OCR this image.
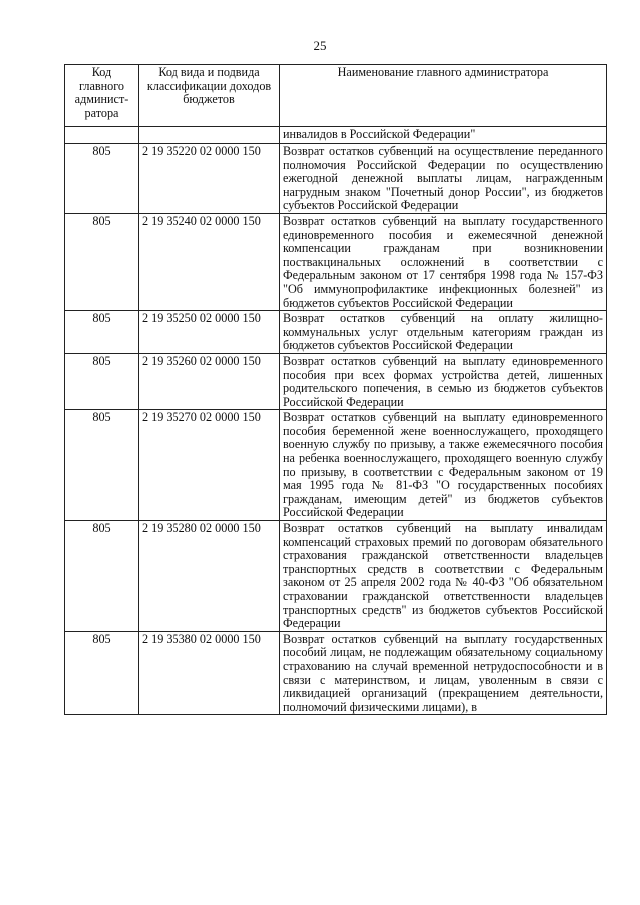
25
Код главного админист-ратора	Код вида и подвида классификации доходов бюджетов	Наименование главного администратора
		инвалидов в Российской Федерации"
805	2 19 35220 02 0000 150	Возврат остатков субвенций на осуществление переданного полномочия Российской Федерации по осуществлению ежегодной денежной выплаты лицам, награжденным нагрудным знаком "Почетный донор России", из бюджетов субъектов Российской Федерации
805	2 19 35240 02 0000 150	Возврат остатков субвенций на выплату государственного единовременного пособия и ежемесячной денежной компенсации гражданам при возникновении поствакцинальных осложнений в соответствии с Федеральным законом от 17 сентября 1998 года № 157-ФЗ "Об иммунопрофилактике инфекционных болезней" из бюджетов субъектов Российской Федерации
805	2 19 35250 02 0000 150	Возврат остатков субвенций на оплату жилищно-коммунальных услуг отдельным категориям граждан из бюджетов субъектов Российской Федерации
805	2 19 35260 02 0000 150	Возврат остатков субвенций на выплату единовременного пособия при всех формах устройства детей, лишенных родительского попечения, в семью из бюджетов субъектов Российской Федерации
805	2 19 35270 02 0000 150	Возврат остатков субвенций на выплату единовременного пособия беременной жене военнослужащего, проходящего военную службу по призыву, а также ежемесячного пособия на ребенка военнослужащего, проходящего военную службу по призыву, в соответствии с Федеральным законом от 19 мая 1995 года № 81-ФЗ "О государственных пособиях гражданам, имеющим детей" из бюджетов субъектов Российской Федерации
805	2 19 35280 02 0000 150	Возврат остатков субвенций на выплату инвалидам компенсаций страховых премий по договорам обязательного страхования гражданской ответственности владельцев транспортных средств в соответствии с Федеральным законом от 25 апреля 2002 года № 40-ФЗ "Об обязательном страховании гражданской ответственности владельцев транспортных средств" из бюджетов субъектов Российской Федерации
805	2 19 35380 02 0000 150	Возврат остатков субвенций на выплату государственных пособий лицам, не подлежащим обязательному социальному страхованию на случай временной нетрудоспособности и в связи с материнством, и лицам, уволенным в связи с ликвидацией организаций (прекращением деятельности, полномочий физическими лицами), в
